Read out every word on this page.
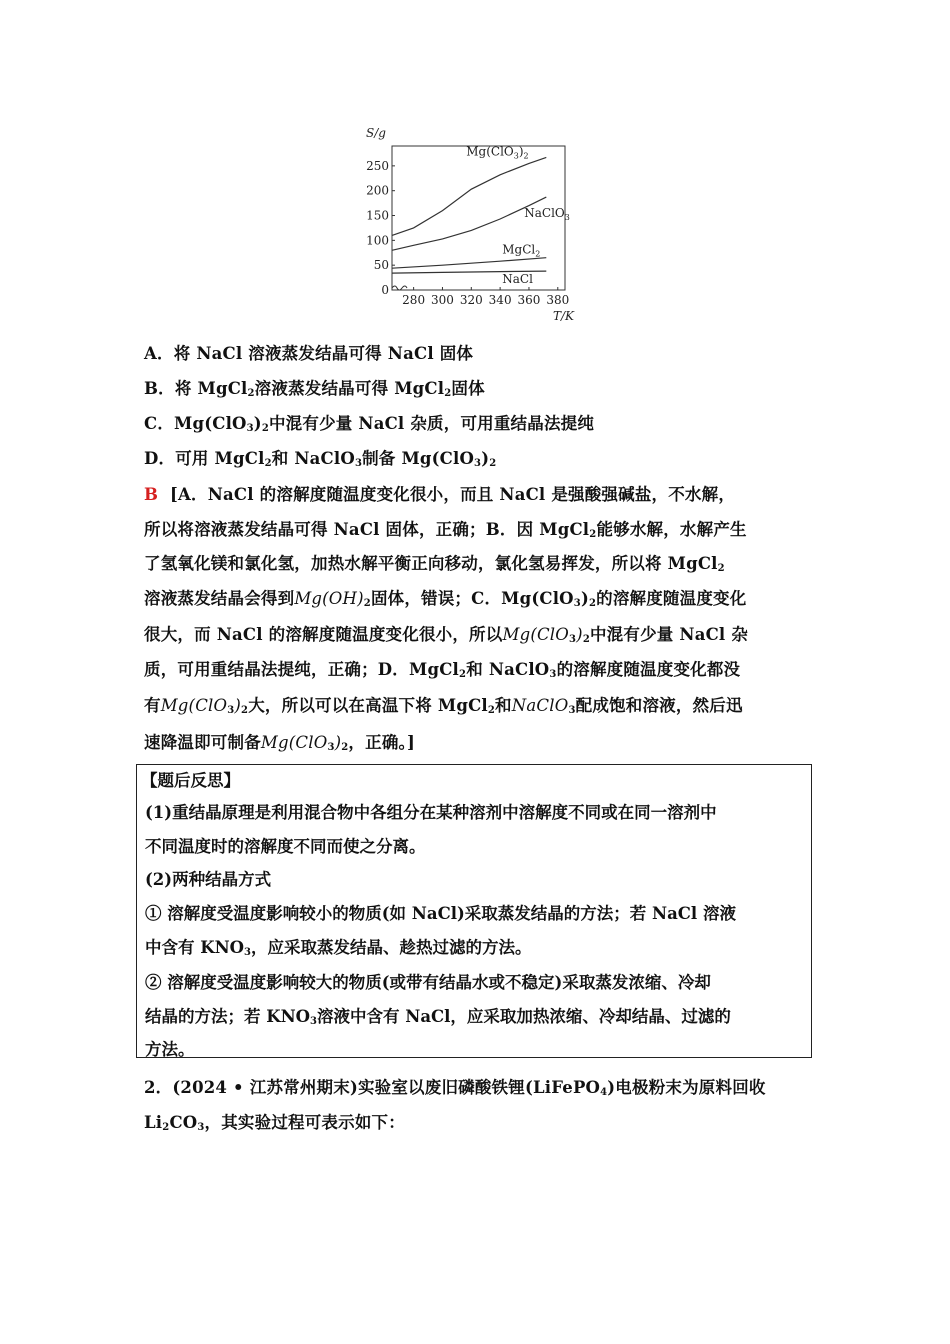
0
50
100
150
200
250
280 300 320 340 360 380
S/g
T/K
$Mg(ClO_3)_2$
NaClO$_3$
MgCl$_2$
NaCl
A．将 NaCl 溶液蒸发结晶可得 NaCl 固体
B．将 MgCl$_2$溶液蒸发结晶可得 MgCl$_2$固体
C．$Mg(ClO_3)_2$中混有少量 NaCl 杂质，可用重结晶法提纯
D．可用 MgCl$_2$和 NaClO$_3$制备 $Mg(ClO_3)_2$
B [A．NaCl 的溶解度随温度变化很小，而且 NaCl 是强酸强碱盐，不水解，
所以将溶液蒸发结晶可得 NaCl 固体，正确；B．因 MgCl$_2$能够水解，水解产生
了氢氧化镁和氯化氢，加热水解平衡正向移动，氯化氢易挥发，所以将 MgCl$_2$
溶液蒸发结晶会得到$Mg(OH)_2$固体，错误；C．$Mg(ClO_3)_2$的溶解度随温度变化
很大，而 NaCl 的溶解度随温度变化很小，所以$Mg(ClO_3)_2$中混有少量 NaCl 杂
质，可用重结晶法提纯，正确；D．MgCl$_2$和 NaClO$_3$的溶解度随温度变化都没
有$Mg(ClO_3)_2$大，所以可以在高温下将 MgCl$_2$和NaClO$_3$配成饱和溶液，然后迅
速降温即可制备$Mg(ClO_3)_2$，正确。]
【题后反思】
(1)重结晶原理是利用混合物中各组分在某种溶剂中溶解度不同或在同一溶剂中
不同温度时的溶解度不同而使之分离。
(2)两种结晶方式
① 溶解度受温度影响较小的物质(如 NaCl)采取蒸发结晶的方法；若 NaCl 溶液
中含有 $KNO_3$，应采取蒸发结晶、趁热过滤的方法。
② 溶解度受温度影响较大的物质(或带有结晶水或不稳定)采取蒸发浓缩、冷却
结晶的方法；若 $KNO_3$溶液中含有 NaCl，应采取加热浓缩、冷却结晶、过滤的
方法。
2．(2024 • 江苏常州期末)实验室以废旧磷酸铁锂(LiFePO$_4$)电极粉末为原料回收
$Li_2CO_3$，其实验过程可表示如下：
